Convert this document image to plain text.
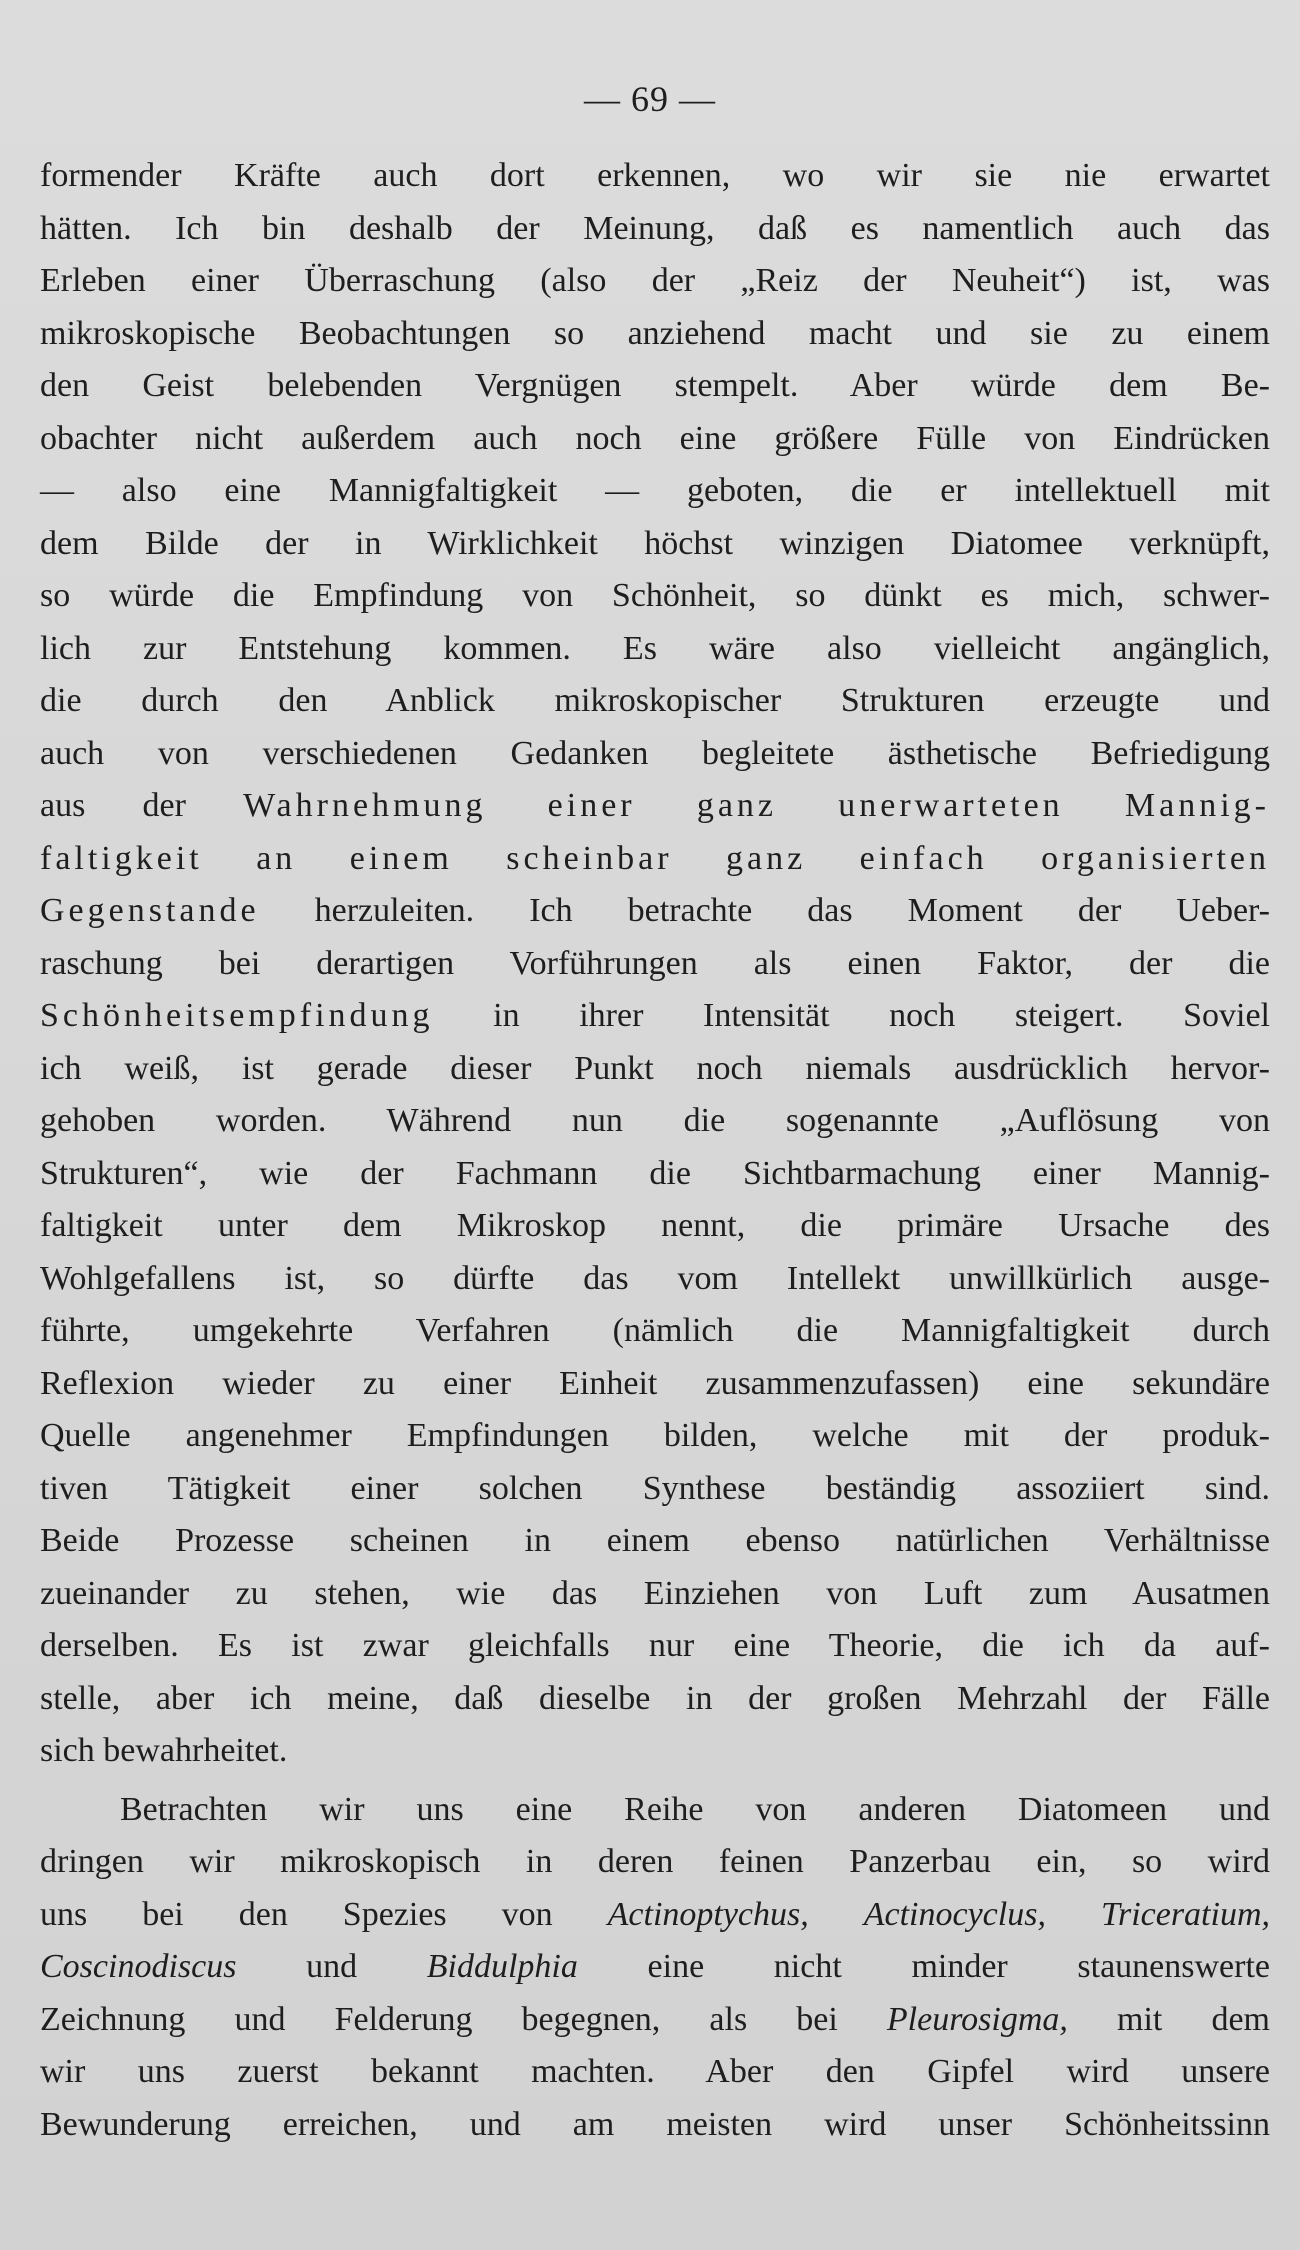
— 69 —
formender Kräfte auch dort erkennen, wo wir sie nie erwartet
hätten. Ich bin deshalb der Meinung, daß es namentlich auch das
Erleben einer Überraschung (also der „Reiz der Neuheit“) ist, was
mikroskopische Beobachtungen so anziehend macht und sie zu einem
den Geist belebenden Vergnügen stempelt. Aber würde dem Be-
obachter nicht außerdem auch noch eine größere Fülle von Eindrücken
— also eine Mannigfaltigkeit — geboten, die er intellektuell mit
dem Bilde der in Wirklichkeit höchst winzigen Diatomee verknüpft,
so würde die Empfindung von Schönheit, so dünkt es mich, schwer-
lich zur Entstehung kommen. Es wäre also vielleicht angänglich,
die durch den Anblick mikroskopischer Strukturen erzeugte und
auch von verschiedenen Gedanken begleitete ästhetische Befriedigung
aus der Wahrnehmung einer ganz unerwarteten Mannig-
faltigkeit an einem scheinbar ganz einfach organisierten
Gegenstande herzuleiten. Ich betrachte das Moment der Ueber-
raschung bei derartigen Vorführungen als einen Faktor, der die
Schönheitsempfindung in ihrer Intensität noch steigert. Soviel
ich weiß, ist gerade dieser Punkt noch niemals ausdrücklich hervor-
gehoben worden. Während nun die sogenannte „Auflösung von
Strukturen“, wie der Fachmann die Sichtbarmachung einer Mannig-
faltigkeit unter dem Mikroskop nennt, die primäre Ursache des
Wohlgefallens ist, so dürfte das vom Intellekt unwillkürlich ausge-
führte, umgekehrte Verfahren (nämlich die Mannigfaltigkeit durch
Reflexion wieder zu einer Einheit zusammenzufassen) eine sekundäre
Quelle angenehmer Empfindungen bilden, welche mit der produk-
tiven Tätigkeit einer solchen Synthese beständig assoziiert sind.
Beide Prozesse scheinen in einem ebenso natürlichen Verhältnisse
zueinander zu stehen, wie das Einziehen von Luft zum Ausatmen
derselben. Es ist zwar gleichfalls nur eine Theorie, die ich da auf-
stelle, aber ich meine, daß dieselbe in der großen Mehrzahl der Fälle
sich bewahrheitet.
Betrachten wir uns eine Reihe von anderen Diatomeen und
dringen wir mikroskopisch in deren feinen Panzerbau ein, so wird
uns bei den Spezies von Actinoptychus, Actinocyclus, Triceratium,
Coscinodiscus und Biddulphia eine nicht minder staunenswerte
Zeichnung und Felderung begegnen, als bei Pleurosigma, mit dem
wir uns zuerst bekannt machten. Aber den Gipfel wird unsere
Bewunderung erreichen, und am meisten wird unser Schönheitssinn
